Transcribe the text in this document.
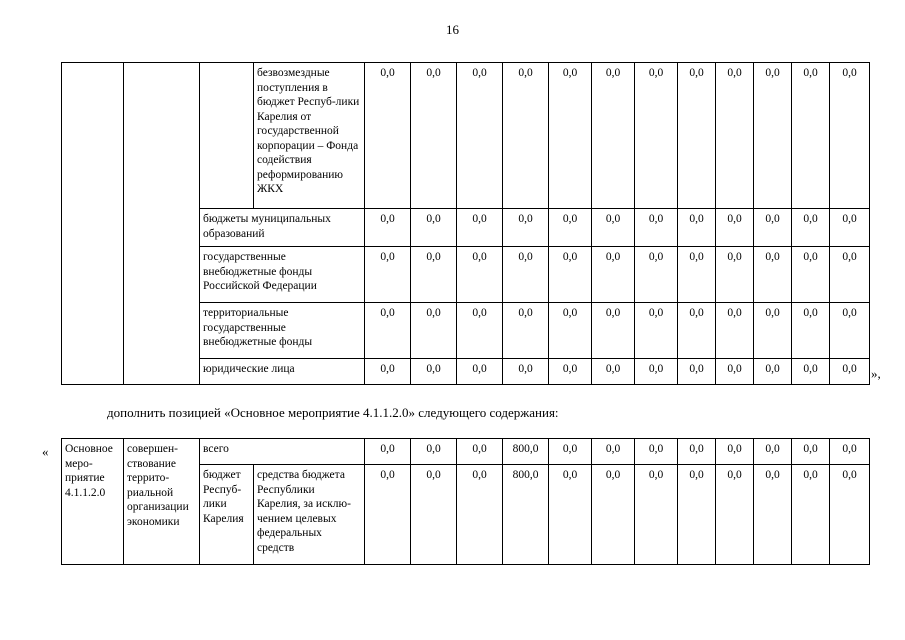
16
			безвозмездные поступления в бюджет Респуб-лики Карелия от государственной корпорации – Фонда содействия реформированию ЖКХ	0,0	0,0	0,0	0,0	0,0	0,0	0,0	0,0	0,0	0,0	0,0	0,0
		бюджеты муниципальных образований		0,0	0,0	0,0	0,0	0,0	0,0	0,0	0,0	0,0	0,0	0,0	0,0
		государственные внебюджетные фонды Российской Федерации		0,0	0,0	0,0	0,0	0,0	0,0	0,0	0,0	0,0	0,0	0,0	0,0
		территориальные государственные внебюджетные фонды		0,0	0,0	0,0	0,0	0,0	0,0	0,0	0,0	0,0	0,0	0,0	0,0
		юридические лица		0,0	0,0	0,0	0,0	0,0	0,0	0,0	0,0	0,0	0,0	0,0	0,0 »,
дополнить позицией «Основное мероприятие 4.1.1.2.0» следующего содержания:
« Основное меро-приятие 4.1.1.2.0	совершен-ствование террито-риальной организации экономики	всего		0,0	0,0	0,0	800,0	0,0	0,0	0,0	0,0	0,0	0,0	0,0	0,0
		бюджет Респуб-лики Карелия	средства бюджета Республики Карелия, за исклю-чением целевых федеральных средств	0,0	0,0	0,0	800,0	0,0	0,0	0,0	0,0	0,0	0,0	0,0	0,0
